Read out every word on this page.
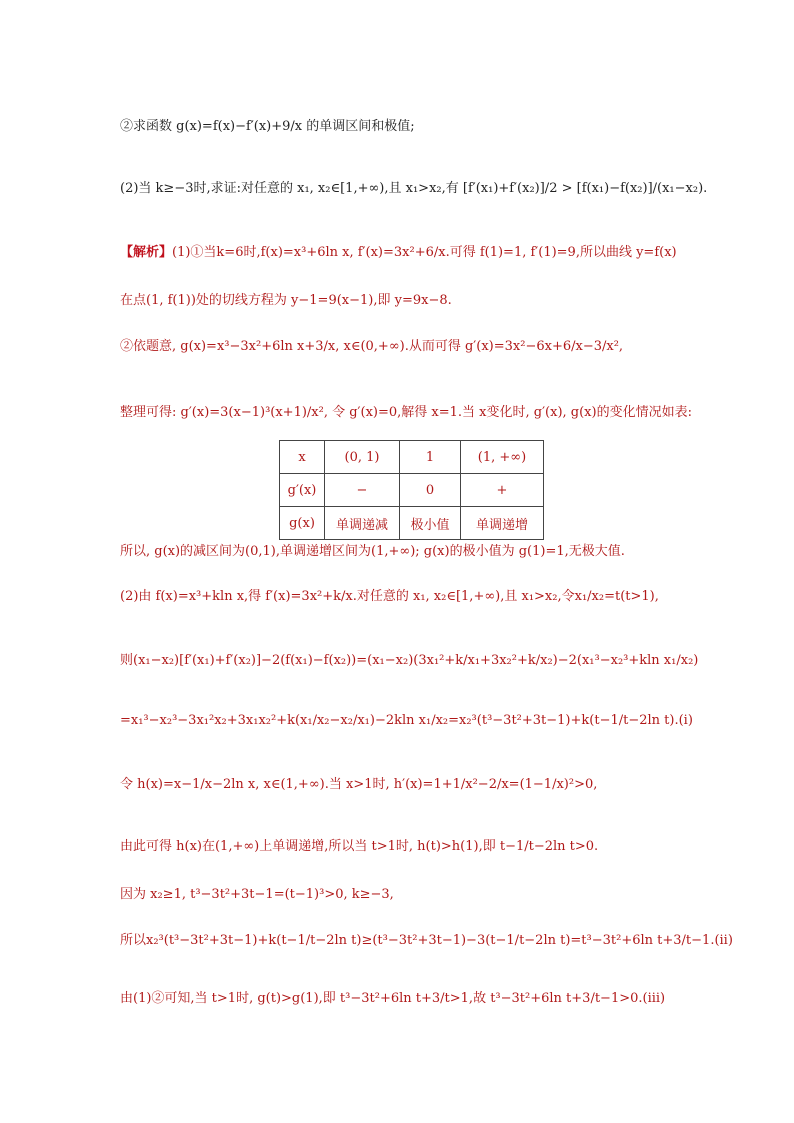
②求函数 g(x)=f(x)−f′(x)+9/x 的单调区间和极值;
(2)当 k≥−3时,求证:对任意的 x₁, x₂∈[1,+∞),且 x₁>x₂,有 [f′(x₁)+f′(x₂)]/2 > [f(x₁)−f(x₂)]/(x₁−x₂).
【解析】(1)①当k=6时,f(x)=x³+6ln x, f′(x)=3x²+6/x.可得 f(1)=1, f′(1)=9,所以曲线 y=f(x)
在点(1, f(1))处的切线方程为 y−1=9(x−1),即 y=9x−8.
②依题意, g(x)=x³−3x²+6ln x+3/x, x∈(0,+∞).从而可得 g′(x)=3x²−6x+6/x−3/x²,
整理可得: g′(x)=3(x−1)³(x+1)/x², 令 g′(x)=0,解得 x=1.当 x变化时, g′(x), g(x)的变化情况如表:
x	(0, 1)	1	(1, +∞)
g′(x)	−	0	+
g(x)	单调递减	极小值	单调递增
所以, g(x)的减区间为(0,1),单调递增区间为(1,+∞); g(x)的极小值为 g(1)=1,无极大值.
(2)由 f(x)=x³+kln x,得 f′(x)=3x²+k/x.对任意的 x₁, x₂∈[1,+∞),且 x₁>x₂,令x₁/x₂=t(t>1),
则(x₁−x₂)[f′(x₁)+f′(x₂)]−2(f(x₁)−f(x₂))=(x₁−x₂)(3x₁²+k/x₁+3x₂²+k/x₂)−2(x₁³−x₂³+kln x₁/x₂)
=x₁³−x₂³−3x₁²x₂+3x₁x₂²+k(x₁/x₂−x₂/x₁)−2kln x₁/x₂=x₂³(t³−3t²+3t−1)+k(t−1/t−2ln t).(i)
令 h(x)=x−1/x−2ln x, x∈(1,+∞).当 x>1时, h′(x)=1+1/x²−2/x=(1−1/x)²>0,
由此可得 h(x)在(1,+∞)上单调递增,所以当 t>1时, h(t)>h(1),即 t−1/t−2ln t>0.
因为 x₂≥1, t³−3t²+3t−1=(t−1)³>0, k≥−3,
所以x₂³(t³−3t²+3t−1)+k(t−1/t−2ln t)≥(t³−3t²+3t−1)−3(t−1/t−2ln t)=t³−3t²+6ln t+3/t−1.(ii)
由(1)②可知,当 t>1时, g(t)>g(1),即 t³−3t²+6ln t+3/t>1,故 t³−3t²+6ln t+3/t−1>0.(iii)
